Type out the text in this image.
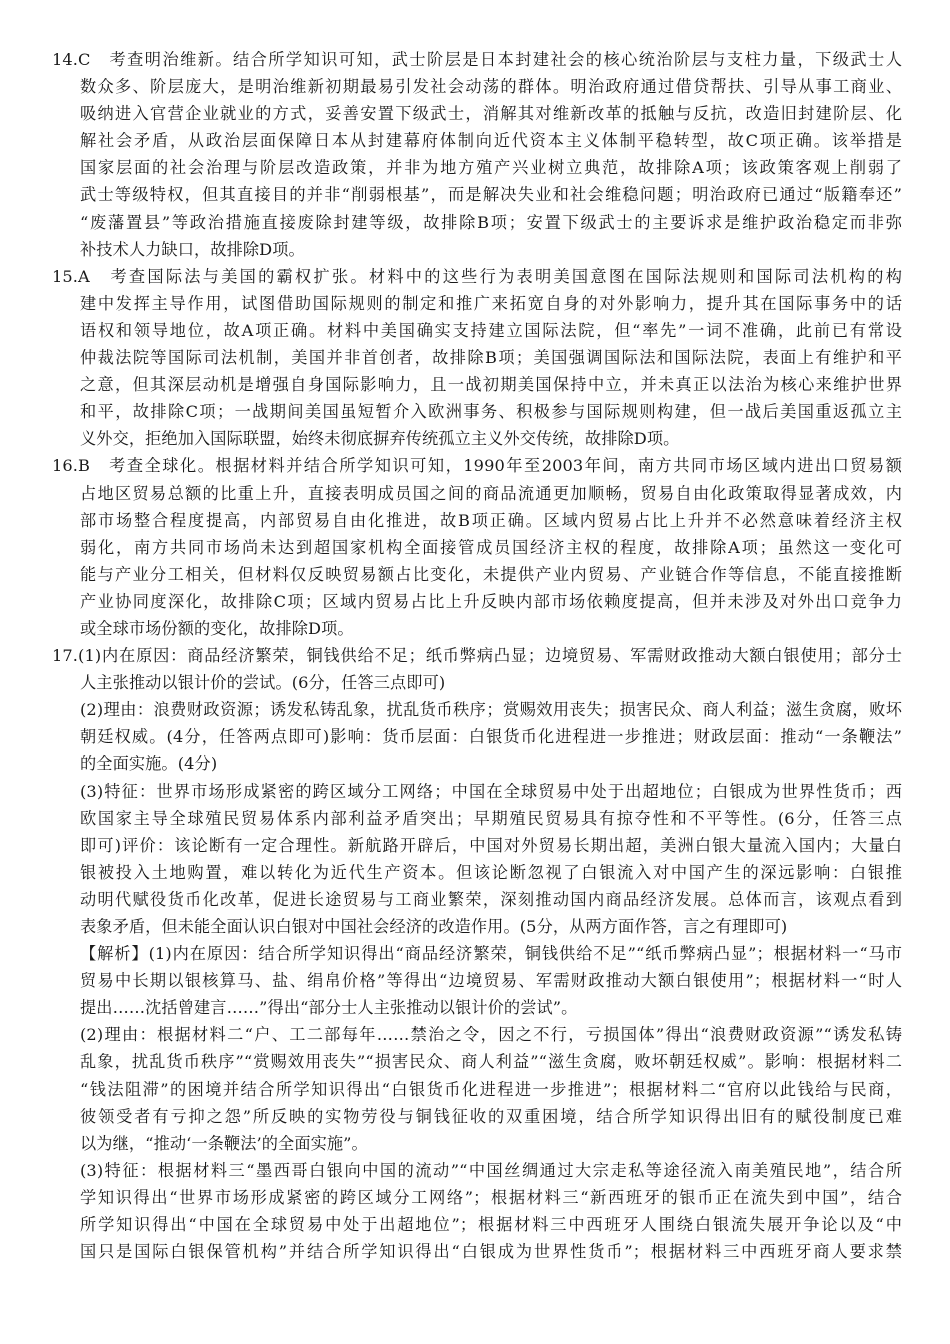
14.C　考查明治维新。结合所学知识可知，武士阶层是日本封建社会的核心统治阶层与支柱力量，下级武士人
数众多、阶层庞大，是明治维新初期最易引发社会动荡的群体。明治政府通过借贷帮扶、引导从事工商业、
吸纳进入官营企业就业的方式，妥善安置下级武士，消解其对维新改革的抵触与反抗，改造旧封建阶层、化
解社会矛盾，从政治层面保障日本从封建幕府体制向近代资本主义体制平稳转型，故C项正确。该举措是
国家层面的社会治理与阶层改造政策，并非为地方殖产兴业树立典范，故排除A项；该政策客观上削弱了
武士等级特权，但其直接目的并非“削弱根基”，而是解决失业和社会维稳问题；明治政府已通过“版籍奉还”
“废藩置县”等政治措施直接废除封建等级，故排除B项；安置下级武士的主要诉求是维护政治稳定而非弥
补技术人力缺口，故排除D项。
15.A　考查国际法与美国的霸权扩张。材料中的这些行为表明美国意图在国际法规则和国际司法机构的构
建中发挥主导作用，试图借助国际规则的制定和推广来拓宽自身的对外影响力，提升其在国际事务中的话
语权和领导地位，故A项正确。材料中美国确实支持建立国际法院，但“率先”一词不准确，此前已有常设
仲裁法院等国际司法机制，美国并非首创者，故排除B项；美国强调国际法和国际法院，表面上有维护和平
之意，但其深层动机是增强自身国际影响力，且一战初期美国保持中立，并未真正以法治为核心来维护世界
和平，故排除C项；一战期间美国虽短暂介入欧洲事务、积极参与国际规则构建，但一战后美国重返孤立主
义外交，拒绝加入国际联盟，始终未彻底摒弃传统孤立主义外交传统，故排除D项。
16.B　考查全球化。根据材料并结合所学知识可知，1990年至2003年间，南方共同市场区域内进出口贸易额
占地区贸易总额的比重上升，直接表明成员国之间的商品流通更加顺畅，贸易自由化政策取得显著成效，内
部市场整合程度提高，内部贸易自由化推进，故B项正确。区域内贸易占比上升并不必然意味着经济主权
弱化，南方共同市场尚未达到超国家机构全面接管成员国经济主权的程度，故排除A项；虽然这一变化可
能与产业分工相关，但材料仅反映贸易额占比变化，未提供产业内贸易、产业链合作等信息，不能直接推断
产业协同度深化，故排除C项；区域内贸易占比上升反映内部市场依赖度提高，但并未涉及对外出口竞争力
或全球市场份额的变化，故排除D项。
17.(1)内在原因：商品经济繁荣，铜钱供给不足；纸币弊病凸显；边境贸易、军需财政推动大额白银使用；部分士
人主张推动以银计价的尝试。(6分，任答三点即可)
(2)理由：浪费财政资源；诱发私铸乱象，扰乱货币秩序；赏赐效用丧失；损害民众、商人利益；滋生贪腐，败坏
朝廷权威。(4分，任答两点即可)影响：货币层面：白银货币化进程进一步推进；财政层面：推动“一条鞭法”
的全面实施。(4分)
(3)特征：世界市场形成紧密的跨区域分工网络；中国在全球贸易中处于出超地位；白银成为世界性货币；西
欧国家主导全球殖民贸易体系内部利益矛盾突出；早期殖民贸易具有掠夺性和不平等性。(6分，任答三点
即可)评价：该论断有一定合理性。新航路开辟后，中国对外贸易长期出超，美洲白银大量流入国内；大量白
银被投入土地购置，难以转化为近代生产资本。但该论断忽视了白银流入对中国产生的深远影响：白银推
动明代赋役货币化改革，促进长途贸易与工商业繁荣，深刻推动国内商品经济发展。总体而言，该观点看到
表象矛盾，但未能全面认识白银对中国社会经济的改造作用。(5分，从两方面作答，言之有理即可)
【解析】(1)内在原因：结合所学知识得出“商品经济繁荣，铜钱供给不足”“纸币弊病凸显”；根据材料一“马市
贸易中长期以银核算马、盐、绢帛价格”等得出“边境贸易、军需财政推动大额白银使用”；根据材料一“时人
提出……沈括曾建言……”得出“部分士人主张推动以银计价的尝试”。
(2)理由：根据材料二“户、工二部每年……禁治之令，因之不行，亏损国体”得出“浪费财政资源”“诱发私铸
乱象，扰乱货币秩序”“赏赐效用丧失”“损害民众、商人利益”“滋生贪腐，败坏朝廷权威”。影响：根据材料二
“钱法阻滞”的困境并结合所学知识得出“白银货币化进程进一步推进”；根据材料二“官府以此钱给与民商，
彼领受者有亏抑之怨”所反映的实物劳役与铜钱征收的双重困境，结合所学知识得出旧有的赋役制度已难
以为继，“推动‘一条鞭法’的全面实施”。
(3)特征：根据材料三“墨西哥白银向中国的流动”“中国丝绸通过大宗走私等途径流入南美殖民地”，结合所
学知识得出“世界市场形成紧密的跨区域分工网络”；根据材料三“新西班牙的银币正在流失到中国”，结合
所学知识得出“中国在全球贸易中处于出超地位”；根据材料三中西班牙人围绕白银流失展开争论以及“中
国只是国际白银保管机构”并结合所学知识得出“白银成为世界性货币”；根据材料三中西班牙商人要求禁
